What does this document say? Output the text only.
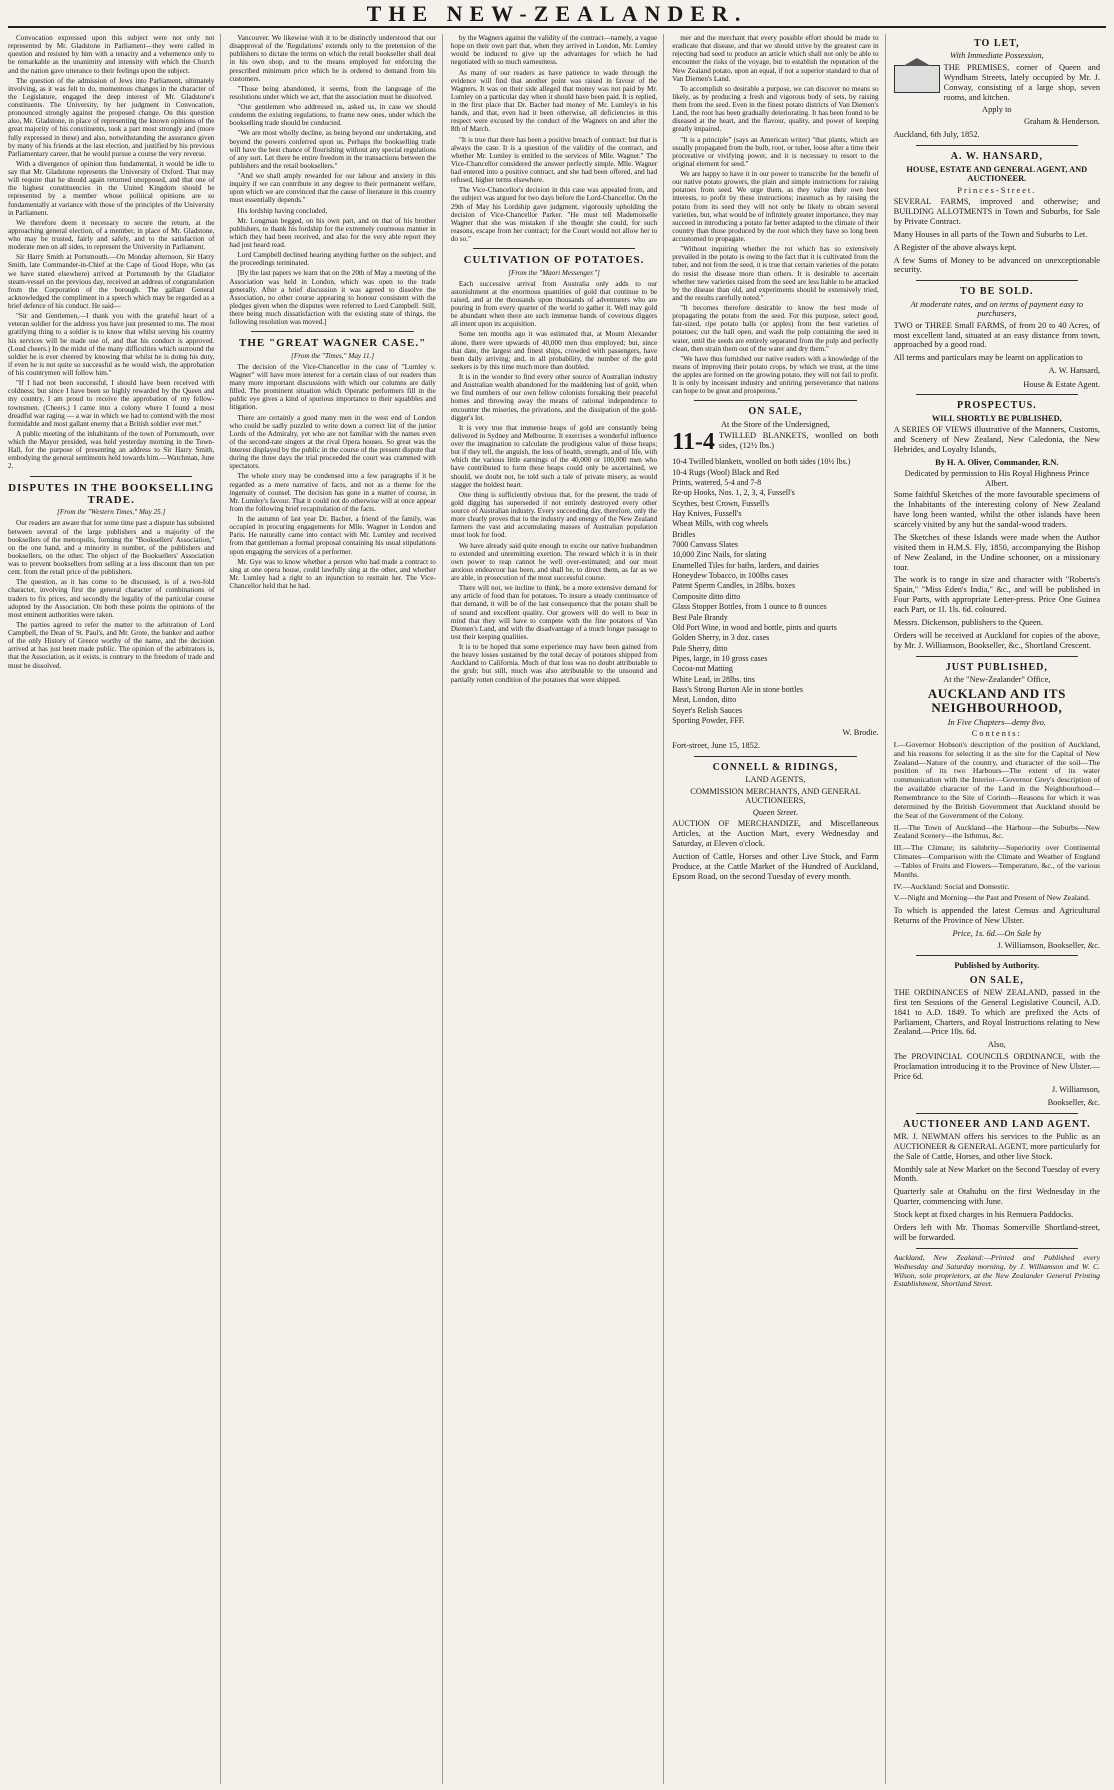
THE NEW-ZEALANDER.

Convocation expressed upon this subject were not only not represented by Mr. Gladstone in Parliament—they were called in question and resisted by him with a tenacity and a vehemence only to be remarkable as the unanimity and intensity with which the Church and the nation gave utterance to their feelings upon the subject.

The question of the admission of Jews into Parliament, ultimately involving, as it was felt to do, momentous changes in the character of the Legislature, engaged the deep interest of Mr. Gladstone's constituents. The University, by her judgment in Convocation, pronounced strongly against the proposed change. On this question also, Mr. Gladstone, in place of representing the known opinions of the great majority of his constituents, took a part most strongly and (more fully expressed in these) and also, notwithstanding the assurance given by many of his friends at the last election, and justified by his previous Parliamentary career, that he would pursue a course the very reverse.

With a divergence of opinion thus fundamental, it would be idle to say that Mr. Gladstone represents the University of Oxford. That may will require that he should again returned unopposed, and that one of the highest constituencies in the United Kingdom should be represented by a member whose political opinions are so fundamentally at variance with those of the principles of the University in Parliament.

We therefore deem it necessary to secure the return, at the approaching general election, of a member, in place of Mr. Gladstone, who may be trusted, fairly and safely, and to the satisfaction of moderate men on all sides, to represent the University in Parliament.

Sir Harry Smith at Portsmouth.—On Monday afternoon, Sir Harry Smith, late Commander-in-Chief at the Cape of Good Hope, who (as we have stated elsewhere) arrived at Portsmouth by the Gladiator steam-vessel on the previous day, received an address of congratulation from the Corporation of the borough. The gallant General acknowledged the compliment in a speech which may be regarded as a brief defence of his conduct. He said—

"Sir and Gentlemen,—I thank you with the grateful heart of a veteran soldier for the address you have just presented to me. The most gratifying thing to a soldier is to know that whilst serving his country his services will be made use of, and that his conduct is approved. (Loud cheers.) In the midst of the many difficulties which surround the soldier he is ever cheered by knowing that whilst he is doing his duty, if even he is not quite so successful as he would wish, the approbation of his countrymen will follow him."

"If I had not been successful, I should have been received with coldness; but since I have been so highly rewarded by the Queen and my country, I am proud to receive the approbation of my fellow-townsmen. (Cheers.) I came into a colony where I found a most dreadful war raging — a war in which we had to contend with the most formidable and most gallant enemy that a British soldier ever met."

A public meeting of the inhabitants of the town of Portsmouth, over which the Mayor presided, was held yesterday morning in the Town-Hall, for the purpose of presenting an address to Sir Harry Smith, embodying the general sentiments held towards him.—Watchman, June 2.

DISPUTES IN THE BOOKSELLING TRADE.
[From the "Western Times," May 25.]

Our readers are aware that for some time past a dispute has subsisted between several of the large publishers and a majority of the booksellers of the metropolis, forming the "Booksellers' Association," on the one hand, and a minority in number, of the publishers and booksellers, on the other. The object of the Booksellers' Association was to prevent booksellers from selling at a less discount than ten per cent. from the retail price of the publishers.

The question, as it has come to be discussed, is of a two-fold character, involving first the general character of combinations of traders to fix prices, and secondly the legality of the particular course adopted by the Association. On both these points the opinions of the most eminent authorities were taken.

The parties agreed to refer the matter to the arbitration of Lord Campbell, the Dean of St. Paul's, and Mr. Grote, the banker and author of the only History of Greece worthy of the name, and the decision arrived at has just been made public. The opinion of the arbitrators is, that the Association, as it exists, is contrary to the freedom of trade and must be dissolved.

Vancouver. We likewise wish it to be distinctly understood that our disapproval of the 'Regulations' extends only to the pretension of the publishers to dictate the terms on which the retail bookseller shall deal in his own shop, and to the means employed for enforcing the prescribed minimum price which he is ordered to demand from his customers.

"Those being abandoned, it seems, from the language of the resolutions under which we act, that the association must be dissolved.

"Our gentlemen who addressed us, asked us, in case we should condemn the existing regulations, to frame new ones, under which the bookselling trade should be conducted.

"We are most wholly decline, as being beyond our undertaking, and beyond the powers conferred upon us. Perhaps the bookselling trade will have the best chance of flourishing without any special regulations of any sort. Let there be entire freedom in the transactions between the publishers and the retail booksellers."

"And we shall amply rewarded for our labour and anxiety in this inquiry if we can contribute in any degree to their permanent welfare, upon which we are convinced that the cause of literature in this country must essentially depends."

His lordship having concluded,

Mr. Longman begged, on his own part, and on that of his brother publishers, to thank his lordship for the extremely courteous manner in which they had been received, and also for the very able report they had just heard read.

Lord Campbell declined hearing anything further on the subject, and the proceedings terminated.

[By the last papers we learn that on the 20th of May a meeting of the Association was held in London, which was open to the trade generally. After a brief discussion it was agreed to dissolve the Association, no other course appearing to honour consistent with the pledges given when the disputes were referred to Lord Campbell. Still, there being much dissatisfaction with the existing state of things, the following resolution was moved.]

THE "GREAT WAGNER CASE."
[From the "Times," May 11.]

The decision of the Vice-Chancellor in the case of "Lumley v. Wagner" will have more interest for a certain class of our readers than many more important discussions with which our columns are daily filled. The prominent situation which Operatic performers fill in the public eye gives a kind of spurious importance to their squabbles and litigation.

There are certainly a good many men in the west end of London who could be sadly puzzled to write down a correct list of the junior Lords of the Admiralty, yet who are not familiar with the names even of the second-rate singers at the rival Opera houses. So great was the interest displayed by the public in the course of the present dispute that during the three days the trial proceeded the court was crammed with spectators.

The whole story may be condensed into a few paragraphs if it be regarded as a mere narrative of facts, and not as a theme for the ingenuity of counsel. The decision has gone in a matter of course, in Mr. Lumley's favour. That it could not do otherwise will at once appear from the following brief recapitulation of the facts.

In the autumn of last year Dr. Bacher, a friend of the family, was occupied in procuring engagements for Mlle. Wagner in London and Paris. He naturally came into contact with Mr. Lumley and received from that gentleman a formal proposal containing his usual stipulations upon engaging the services of a performer.

Mr. Gye was to know whether a person who had made a contract to sing at one opera house, could lawfully sing at the other, and whether Mr. Lumley had a right to an injunction to restrain her. The Vice-Chancellor held that he had.

by the Wagners against the validity of the contract—namely, a vague hope on their own part that, when they arrived in London, Mr. Lumley would be induced to give up the advantages for which he had negotiated with so much earnestness.

As many of our readers as have patience to wade through the evidence will find that another point was raised in favour of the Wagners. It was on their side alleged that money was not paid by Mr. Lumley on a particular day when it should have been paid. It is replied, in the first place that Dr. Bacher had money of Mr. Lumley's in his hands, and that, even had it been otherwise, all deficiencies in this respect were excused by the conduct of the Wagners on and after the 8th of March.

"It is true that there has been a positive breach of contract: but that is always the case. It is a question of the validity of the contract, and whether Mr. Lumley is entitled to the services of Mlle. Wagner." The Vice-Chancellor considered the answer perfectly simple. Mlle. Wagner had entered into a positive contract, and she had been offered, and had refused, higher terms elsewhere.

The Vice-Chancellor's decision in this case was appealed from, and the subject was argued for two days before the Lord-Chancellor. On the 29th of May his Lordship gave judgment, vigorously upholding the decision of Vice-Chancellor Parker. "He must tell Mademoiselle Wagner that she was mistaken if she thought she could, for such reasons, escape from her contract; for the Court would not allow her to do so."

CULTIVATION OF POTATOES.
[From the "Maori Messenger."]

Each successive arrival from Australia only adds to our astonishment at the enormous quantities of gold that continue to be raised, and at the thousands upon thousands of adventurers who are pouring in from every quarter of the world to gather it. Well may gold be abundant when there are such immense bands of covetous diggers all intent upon its acquisition.

Some ten months ago it was estimated that, at Mount Alexander alone, there were upwards of 40,000 men thus employed; but, since that date, the largest and finest ships, crowded with passengers, have been daily arriving; and, in all probability, the number of the gold seekers is by this time much more than doubled.

It is in the wonder to find every other source of Australian industry and Australian wealth abandoned for the maddening lust of gold, when we find numbers of our own fellow colonists forsaking their peaceful homes and throwing away the means of rational independence to encounter the miseries, the privations, and the dissipation of the gold-digger's lot.

It is very true that immense heaps of gold are constantly being delivered in Sydney and Melbourne. It exercises a wonderful influence over the imagination to calculate the prodigious value of those heaps; but if they tell, the anguish, the loss of health, strength, and of life, with which the various little earnings of the 40,000 or 100,000 men who have contributed to form these heaps could only be ascertained, we should, we doubt not, be told such a tale of private misery, as would stagger the boldest heart.

One thing is sufficiently obvious that, for the present, the trade of gold digging has superseded if not entirely destroyed every other source of Australian industry. Every succeeding day, therefore, only the more clearly proves that to the industry and energy of the New Zealand farmers the vast and accumulating masses of Australian population must look for food.

We have already said quite enough to excite our native husbandmen to extended and unremitting exertion. The reward which it is in their own power to reap cannot be well over-estimated; and our most anxious endeavour has been, and shall be, to direct them, as far as we are able, in prosecution of the most successful course.

There will not, we incline to think, be a more extensive demand for any article of food than for potatoes. To insure a steady continuance of that demand, it will be of the last consequence that the potato shall be of sound and excellent quality. Our growers will do well to bear in mind that they will have to compete with the fine potatoes of Van Diemen's Land, and with the disadvantage of a much longer passage to test their keeping qualities.

It is to be hoped that some experience may have been gained from the heavy losses sustained by the total decay of potatoes shipped from Auckland to California. Much of that loss was no doubt attributable to the grub; but still, much was also attributable to the unsound and partially rotten condition of the potatoes that were shipped.

mer and the merchant that every possible effort should be made to eradicate that disease, and that we should strive by the greatest care in rejecting bad seed to produce an article which shall not only be able to encounter the risks of the voyage, but to establish the reputation of the New Zealand potato, upon an equal, if not a superior standard to that of Van Diemen's Land.

To accomplish so desirable a purpose, we can discover no means so likely, as by producing a fresh and vigorous body of sets, by raising them from the seed. Even in the finest potato districts of Van Diemen's Land, the root has been gradually deteriorating. It has been found to be diseased at the heart, and the flavour, quality, and power of keeping greatly impaired.

"It is a principle" (says an American writer) "that plants, which are usually propagated from the bulb, root, or tuber, loose after a time their procreative or vivifying power, and it is necessary to resort to the original element for seed."

We are happy to have it in our power to transcribe for the benefit of our native potato growers, the plain and simple instructions for raising potatoes from seed. We urge them, as they value their own best interests, to profit by these instructions; inasmuch as by raising the potato from its seed they will not only be likely to obtain several varieties, but, what would be of infinitely greater importance, they may succeed in introducing a potato far better adapted to the climate of their country than those produced by the root which they have so long been accustomed to propagate.

"Without inquiring whether the rot which has so extensively prevailed in the potato is owing to the fact that it is cultivated from the tuber, and not from the seed, it is true that certain varieties of the potato do resist the disease more than others. It is desirable to ascertain whether new varieties raised from the seed are less liable to be attacked by the disease than old, and experiments should be extensively tried, and the results carefully noted."

"It becomes therefore desirable to know the best mode of propagating the potato from the seed. For this purpose, select good, fair-sized, ripe potato balls (or apples) from the best varieties of potatoes; cut the ball open, and wash the pulp containing the seed in water, until the seeds are entirely separated from the pulp and perfectly clean, then strain them out of the water and dry them."

"We have thus furnished our native readers with a knowledge of the means of improving their potato crops, by which we trust, at the time the apples are formed on the growing potato, they will not fail to profit. It is only by incessant industry and untiring perseverance that nations can hope to be great and prosperous."

ON SALE,
At the Store of the Undersigned,
11-4 TWILLED BLANKETS, woolled on both sides, (12½ lbs.)
10-4 Twilled blankets, woolled on both sides (10½ lbs.)
10-4 Rugs (Wool) Black and Red
Prints, watered, 5-4 and 7-8
Re-up Hooks, Nos. 1, 2, 3, 4, Fussell's
Scythes, best Crown, Fussell's
Hay Knives, Fussell's
Wheat Mills, with cog wheels
Bridles
7000 Canvass Slates
10,000 Zinc Nails, for slating
Enamelled Tiles for baths, larders, and dairies
Honeydew Tobacco, in 100lbs cases
Patent Sperm Candles, in 28lbs. boxes
Composite ditto ditto
Glass Stopper Bottles, from 1 ounce to 8 ounces
Best Pale Brandy
Old Port Wine, in wood and bottle, pints and quarts
Golden Sherry, in 3 doz. cases
Pale Sherry, ditto
Pipes, large, in 10 gross cases
Cocoa-nut Matting
White Lead, in 28lbs. tins
Bass's Strong Burton Ale in stone bottles
Meat, London, ditto
Soyer's Relish Sauces
Sporting Powder, FFF.
W. Brodie.
Fort-street, June 15, 1852.
CONNELL & RIDINGS,
LAND AGENTS,
COMMISSION MERCHANTS, AND GENERAL AUCTIONEERS,
Queen Street.

AUCTION OF MERCHANDIZE, and Miscellaneous Articles, at the Auction Mart, every Wednesday and Saturday, at Eleven o'clock.

Auction of Cattle, Horses and other Live Stock, and Farm Produce, at the Cattle Market of the Hundred of Auckland, Epsom Road, on the second Tuesday of every month.

TO LET,
With Immediate Possession,
THE PREMISES, corner of Queen and Wyndham Streets, lately occupied by Mr. J. Conway, consisting of a large shop, seven rooms, and kitchen.
Apply to
Graham & Henderson.
Auckland, 6th July, 1852.
A. W. HANSARD,
HOUSE, ESTATE AND GENERAL AGENT, AND AUCTIONEER.
Princes-Street.

SEVERAL FARMS, improved and otherwise; and BUILDING ALLOTMENTS in Town and Suburbs, for Sale by Private Contract.

Many Houses in all parts of the Town and Suburbs to Let.

A Register of the above always kept.

A few Sums of Money to be advanced on unexceptionable security.

TO BE SOLD.
At moderate rates, and on terms of payment easy to purchasers,

TWO or THREE Small FARMS, of from 20 to 40 Acres, of most excellent land, situated at an easy distance from town, approached by a good road.

All terms and particulars may be learnt on application to

A. W. Hansard,
House & Estate Agent.
PROSPECTUS.
WILL SHORTLY BE PUBLISHED,

A SERIES OF VIEWS illustrative of the Manners, Customs, and Scenery of New Zealand, New Caledonia, the New Hebrides, and Loyalty Islands,

By H. A. Oliver, Commander, R.N.
Dedicated by permission to His Royal Highness Prince Albert.

Some faithful Sketches of the more favourable specimens of the Inhabitants of the interesting colony of New Zealand have long been wanted, whilst the other islands have been scarcely visited by any but the sandal-wood traders.

The Sketches of these Islands were made when the Author visited them in H.M.S. Fly, 1850, accompanying the Bishop of New Zealand, in the Undine schooner, on a missionary tour.

The work is to range in size and character with "Roberts's Spain," "Miss Eden's India," &c., and will be published in Four Parts, with appropriate Letter-press. Price One Guinea each Part, or 1l. 1ls. 6d. coloured.

Messrs. Dickenson, publishers to the Queen.

Orders will be received at Auckland for copies of the above, by Mr. J. Williamson, Bookseller, &c., Shortland Crescent.

JUST PUBLISHED,
At the "New-Zealander" Office,
AUCKLAND AND ITS NEIGHBOURHOOD,
In Five Chapters—demy 8vo.
Contents:

I.—Governor Hobson's description of the position of Auckland, and his reasons for selecting it as the site for the Capital of New Zealand—Nature of the country, and character of the soil—The position of its two Harbours—The extent of its water communication with the Interior—Governor Grey's description of the available character of the Land in the Neighbourhood—Remembrance to the Site of Corinth—Reasons for which it was determined by the British Government that Auckland should be the Seat of the Government of the Colony.

II.—The Town of Auckland—the Harbour—the Suburbs—New Zealand Scenery—the Isthmus, &c.

III.—The Climate; its salubrity—Superiority over Continental Climates—Comparison with the Climate and Weather of England—Tables of Fruits and Flowers—Temperature, &c., of the various Months.

IV.—Auckland: Social and Domestic.

V.—Night and Morning—the Past and Present of New Zealand.

To which is appended the latest Census and Agricultural Returns of the Province of New Ulster.

Price, 1s. 6d.—On Sale by
J. Williamson, Bookseller, &c.
Published by Authority.
ON SALE,

THE ORDINANCES of NEW ZEALAND, passed in the first ten Sessions of the General Legislative Council, A.D. 1841 to A.D. 1849. To which are prefixed the Acts of Parliament, Charters, and Royal Instructions relating to New Zealand.—Price 10s. 6d.

Also,

The PROVINCIAL COUNCILS ORDINANCE, with the Proclamation introducing it to the Province of New Ulster.—Price 6d.

J. Williamson,
Bookseller, &c.
AUCTIONEER AND LAND AGENT.

MR. J. NEWMAN offers his services to the Public as an AUCTIONEER & GENERAL AGENT, more particularly for the Sale of Cattle, Horses, and other live Stock.

Monthly sale at New Market on the Second Tuesday of every Month.

Quarterly sale at Otahuhu on the first Wednesday in the Quarter, commencing with June.

Stock kept at fixed charges in his Remuera Paddocks.

Orders left with Mr. Thomas Somerville Shortland-street, will be forwarded.

Auckland, New Zealand:—Printed and Published every Wednesday and Saturday morning, by J. Williamson and W. C. Wilson, sole proprietors, at the New Zealander General Printing Establishment, Shortland Street.
